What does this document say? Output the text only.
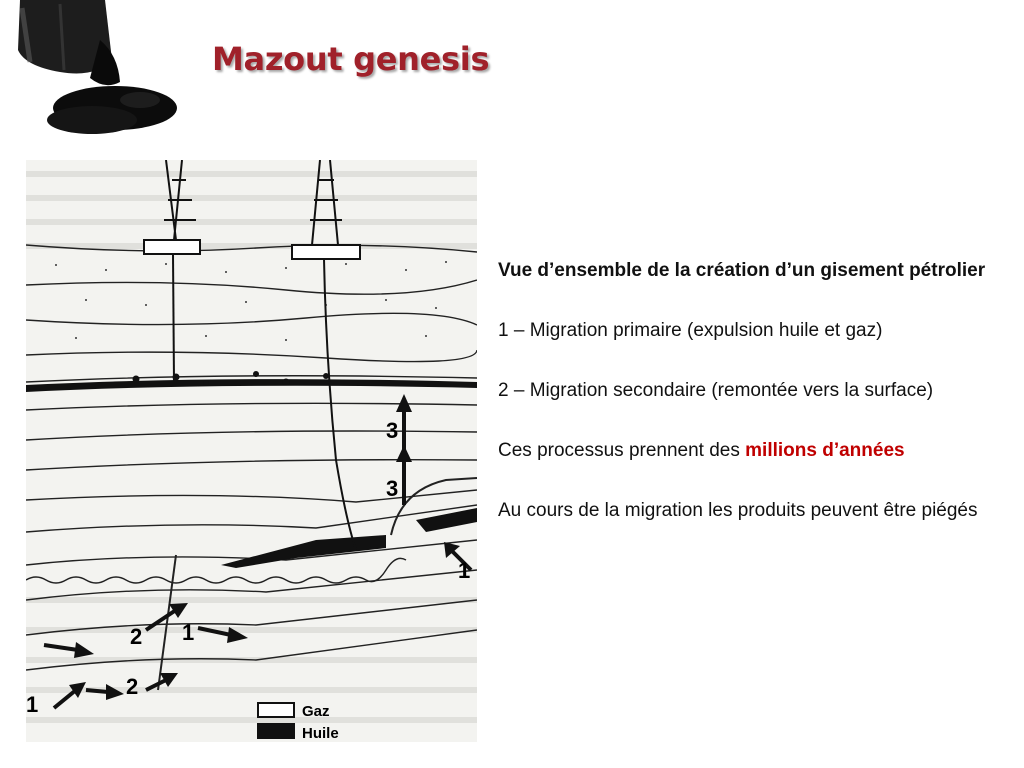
Mazout genesis
3
3
1
2 1
2
1	Gaz
Huile

Vue d’ensemble de la création d’un gisement pétrolier

1 – Migration primaire (expulsion huile et gaz)

2 – Migration secondaire (remontée vers la surface)

Ces processus prennent des millions d’années

Au cours de la migration les produits peuvent être piégés
